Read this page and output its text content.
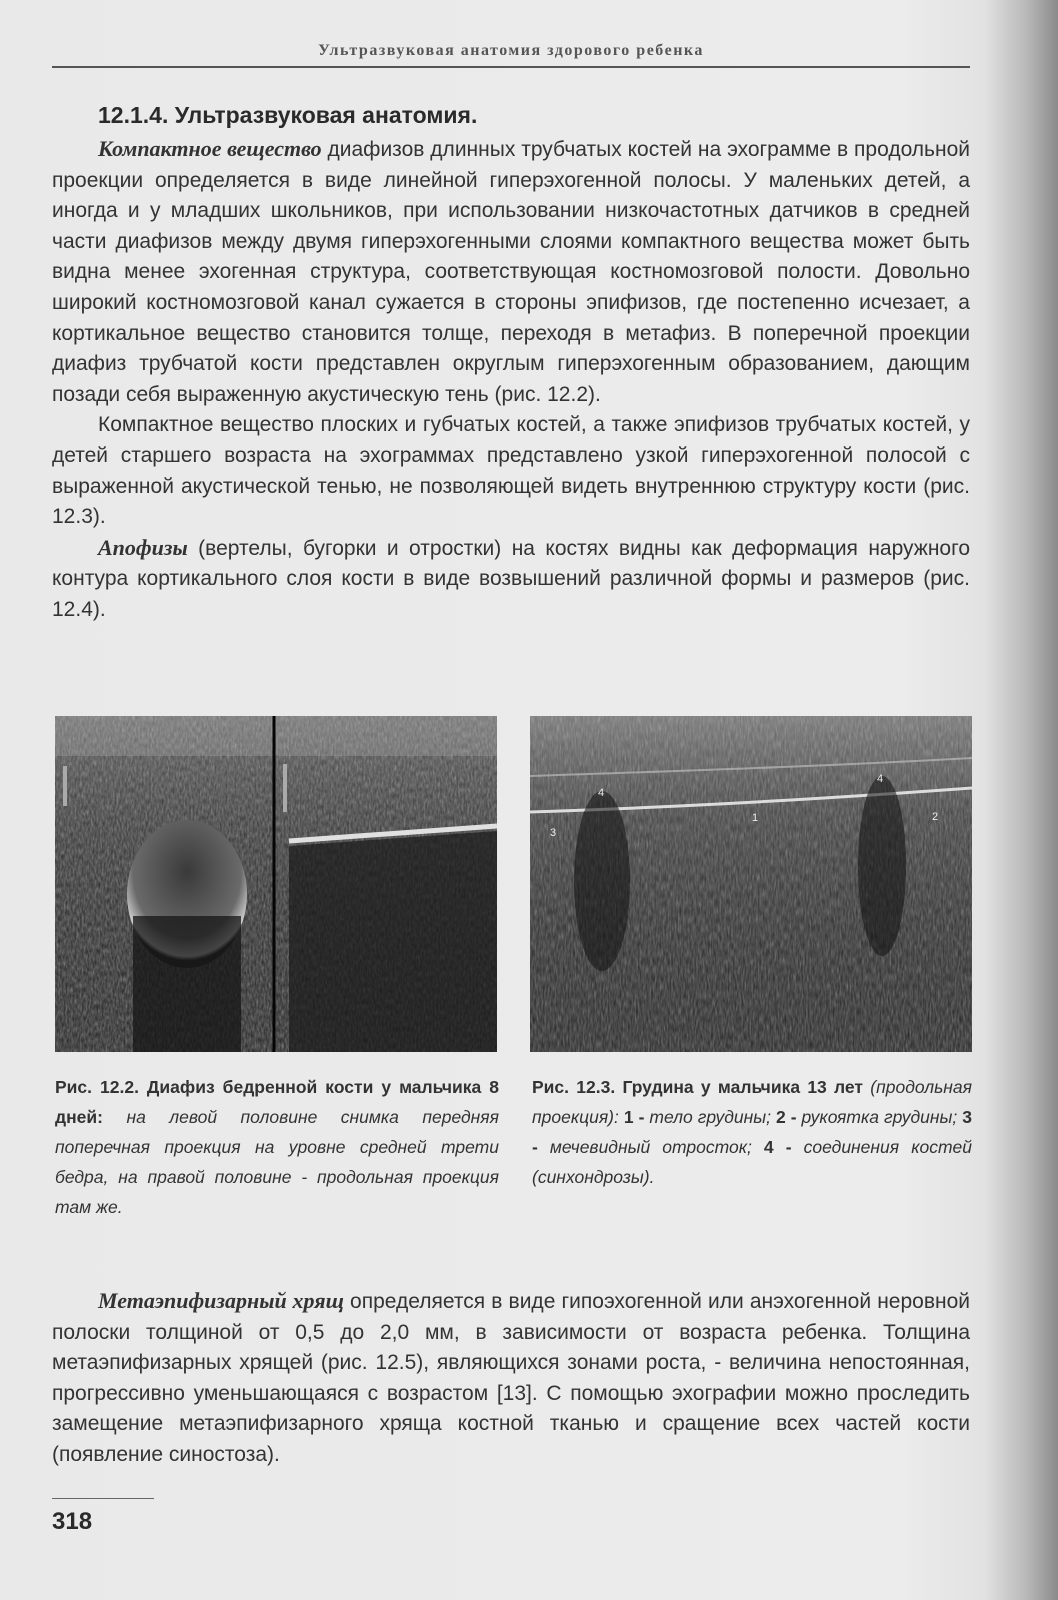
Ультразвуковая анатомия здорового ребенка
12.1.4. Ультразвуковая анатомия.

Компактное вещество диафизов длинных трубчатых костей на эхограмме в продольной проекции определяется в виде линейной гиперэхогенной полосы. У маленьких детей, а иногда и у младших школьников, при использовании низкочастотных датчиков в средней части диафизов между двумя гиперэхогенными слоями компактного вещества может быть видна менее эхогенная структура, соответствующая костномозговой полости. Довольно широкий костномозговой канал сужается в стороны эпифизов, где постепенно исчезает, а кортикальное вещество становится толще, переходя в метафиз. В поперечной проекции диафиз трубчатой кости представлен округлым гиперэхогенным образованием, дающим позади себя выраженную акустическую тень (рис. 12.2).

Компактное вещество плоских и губчатых костей, а также эпифизов трубчатых костей, у детей старшего возраста на эхограммах представлено узкой гиперэхогенной полосой с выраженной акустической тенью, не позволяющей видеть внутреннюю структуру кости (рис. 12.3).

Апофизы (вертелы, бугорки и отростки) на костях видны как деформация наружного контура кортикального слоя кости в виде возвышений различной формы и размеров (рис. 12.4).

4
4
1	2
3
Рис. 12.2. Диафиз бедренной кости у мальчика 8 дней: на левой половине снимка передняя поперечная проекция на уровне средней трети бедра, на правой половине - продольная проекция там же.
Рис. 12.3. Грудина у мальчика 13 лет (продольная проекция): 1 - тело грудины; 2 - рукоятка грудины; 3 - мечевидный отросток; 4 - соединения костей (синхондрозы).

Метаэпифизарный хрящ определяется в виде гипоэхогенной или анэхогенной неровной полоски толщиной от 0,5 до 2,0 мм, в зависимости от возраста ребенка. Толщина метаэпифизарных хрящей (рис. 12.5), являющихся зонами роста, - величина непостоянная, прогрессивно уменьшающаяся с возрастом [13]. С помощью эхографии можно проследить замещение метаэпифизарного хряща костной тканью и сращение всех частей кости (появление синостоза).

318
